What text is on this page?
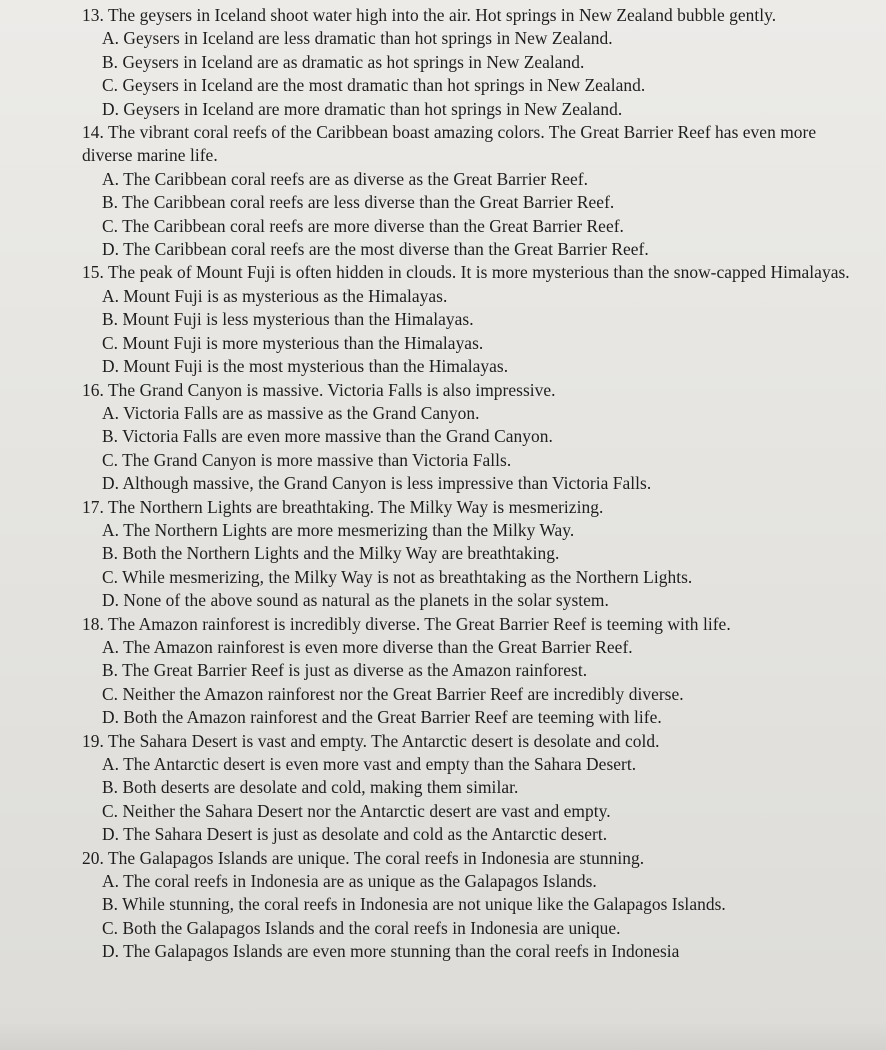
13. The geysers in Iceland shoot water high into the air. Hot springs in New Zealand bubble gently.

A. Geysers in Iceland are less dramatic than hot springs in New Zealand.

B. Geysers in Iceland are as dramatic as hot springs in New Zealand.

C. Geysers in Iceland are the most dramatic than hot springs in New Zealand.

D. Geysers in Iceland are more dramatic than hot springs in New Zealand.

14. The vibrant coral reefs of the Caribbean boast amazing colors. The Great Barrier Reef has even more diverse marine life.

A. The Caribbean coral reefs are as diverse as the Great Barrier Reef.

B. The Caribbean coral reefs are less diverse than the Great Barrier Reef.

C. The Caribbean coral reefs are more diverse than the Great Barrier Reef.

D. The Caribbean coral reefs are the most diverse than the Great Barrier Reef.

15. The peak of Mount Fuji is often hidden in clouds. It is more mysterious than the snow-capped Himalayas.

A. Mount Fuji is as mysterious as the Himalayas.

B. Mount Fuji is less mysterious than the Himalayas.

C. Mount Fuji is more mysterious than the Himalayas.

D. Mount Fuji is the most mysterious than the Himalayas.

16. The Grand Canyon is massive. Victoria Falls is also impressive.

A. Victoria Falls are as massive as the Grand Canyon.

B. Victoria Falls are even more massive than the Grand Canyon.

C. The Grand Canyon is more massive than Victoria Falls.

D. Although massive, the Grand Canyon is less impressive than Victoria Falls.

17. The Northern Lights are breathtaking. The Milky Way is mesmerizing.

A. The Northern Lights are more mesmerizing than the Milky Way.

B. Both the Northern Lights and the Milky Way are breathtaking.

C. While mesmerizing, the Milky Way is not as breathtaking as the Northern Lights.

D. None of the above sound as natural as the planets in the solar system.

18. The Amazon rainforest is incredibly diverse. The Great Barrier Reef is teeming with life.

A. The Amazon rainforest is even more diverse than the Great Barrier Reef.

B. The Great Barrier Reef is just as diverse as the Amazon rainforest.

C. Neither the Amazon rainforest nor the Great Barrier Reef are incredibly diverse.

D. Both the Amazon rainforest and the Great Barrier Reef are teeming with life.

19. The Sahara Desert is vast and empty. The Antarctic desert is desolate and cold.

A. The Antarctic desert is even more vast and empty than the Sahara Desert.

B. Both deserts are desolate and cold, making them similar.

C. Neither the Sahara Desert nor the Antarctic desert are vast and empty.

D. The Sahara Desert is just as desolate and cold as the Antarctic desert.

20. The Galapagos Islands are unique. The coral reefs in Indonesia are stunning.

A. The coral reefs in Indonesia are as unique as the Galapagos Islands.

B. While stunning, the coral reefs in Indonesia are not unique like the Galapagos Islands.

C. Both the Galapagos Islands and the coral reefs in Indonesia are unique.

D. The Galapagos Islands are even more stunning than the coral reefs in Indonesia
